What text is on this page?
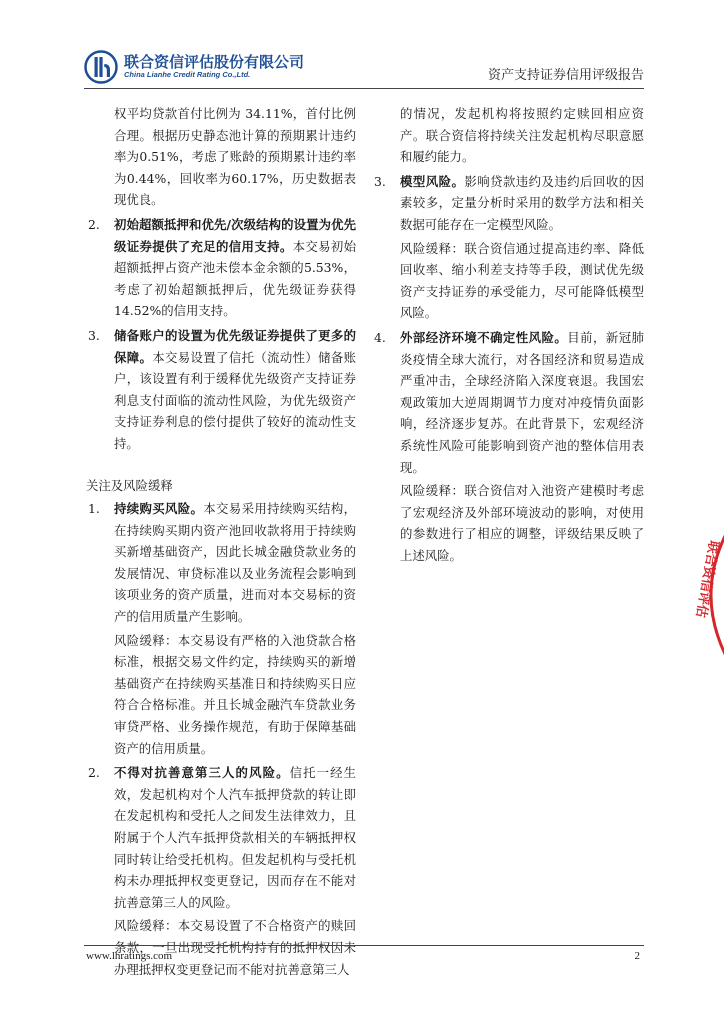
联合资信评估股份有限公司
China Lianhe Credit Rating Co.,Ltd.	资产支持证券信用评级报告

权平均贷款首付比例为 34.11%，首付比例合理。根据历史静态池计算的预期累计违约率为0.51%，考虑了账龄的预期累计违约率为0.44%，回收率为60.17%，历史数据表现优良。

2. 初始超额抵押和优先/次级结构的设置为优先级证券提供了充足的信用支持。本交易初始超额抵押占资产池未偿本金余额的5.53%，考虑了初始超额抵押后，优先级证券获得14.52%的信用支持。

3. 储备账户的设置为优先级证券提供了更多的保障。本交易设置了信托（流动性）储备账户，该设置有利于缓释优先级资产支持证券利息支付面临的流动性风险，为优先级资产支持证券利息的偿付提供了较好的流动性支持。

关注及风险缓释

1. 持续购买风险。本交易采用持续购买结构，在持续购买期内资产池回收款将用于持续购买新增基础资产，因此长城金融贷款业务的发展情况、审贷标准以及业务流程会影响到该项业务的资产质量，进而对本交易标的资产的信用质量产生影响。

风险缓释：本交易设有严格的入池贷款合格标准，根据交易文件约定，持续购买的新增基础资产在持续购买基准日和持续购买日应符合合格标准。并且长城金融汽车贷款业务审贷严格、业务操作规范，有助于保障基础资产的信用质量。

2. 不得对抗善意第三人的风险。信托一经生效，发起机构对个人汽车抵押贷款的转让即在发起机构和受托人之间发生法律效力，且附属于个人汽车抵押贷款相关的车辆抵押权同时转让给受托机构。但发起机构与受托机构未办理抵押权变更登记，因而存在不能对抗善意第三人的风险。

风险缓释：本交易设置了不合格资产的赎回条款，一旦出现受托机构持有的抵押权因未办理抵押权变更登记而不能对抗善意第三人

的情况，发起机构将按照约定赎回相应资产。联合资信将持续关注发起机构尽职意愿和履约能力。

3. 模型风险。影响贷款违约及违约后回收的因素较多，定量分析时采用的数学方法和相关数据可能存在一定模型风险。

风险缓释：联合资信通过提高违约率、降低回收率、缩小利差支持等手段，测试优先级资产支持证券的承受能力，尽可能降低模型风险。

4. 外部经济环境不确定性风险。目前，新冠肺炎疫情全球大流行，对各国经济和贸易造成严重冲击，全球经济陷入深度衰退。我国宏观政策加大逆周期调节力度对冲疫情负面影响，经济逐步复苏。在此背景下，宏观经济系统性风险可能影响到资产池的整体信用表现。

风险缓释：联合资信对入池资产建模时考虑了宏观经济及外部环境波动的影响，对使用的参数进行了相应的调整，评级结果反映了上述风险。	联合资信评估
www.lhratings.com	2
